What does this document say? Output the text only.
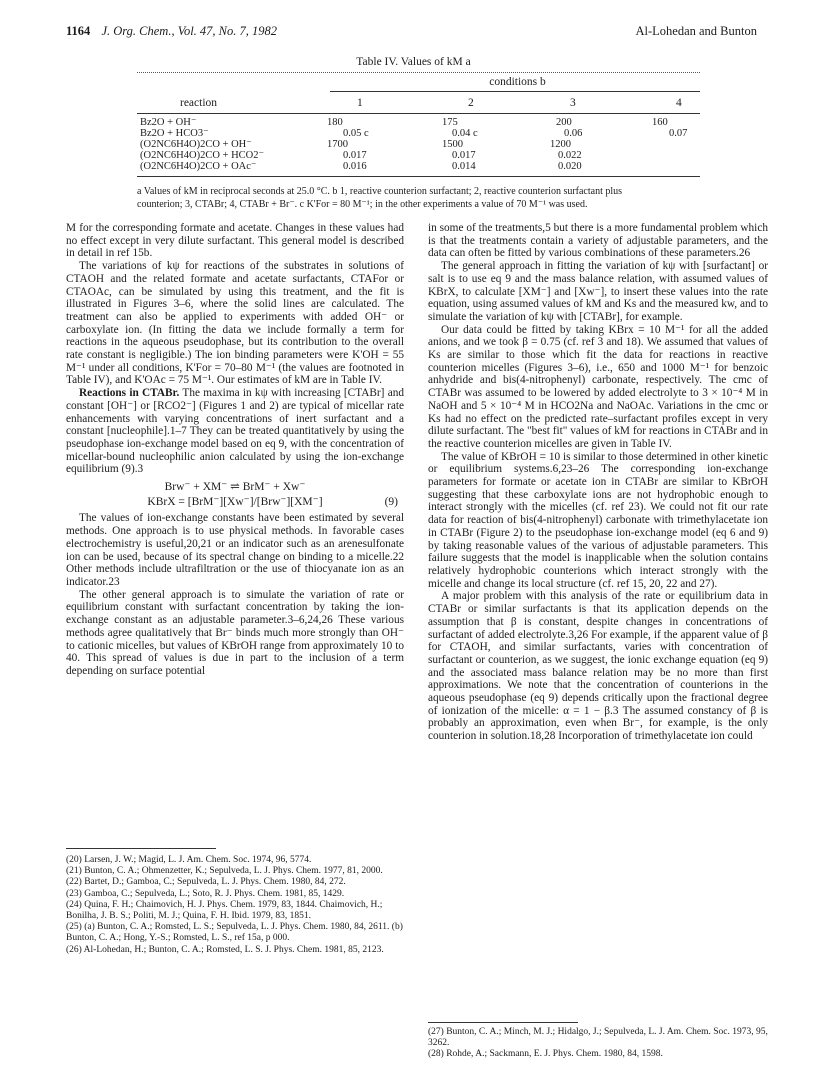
1164 J. Org. Chem., Vol. 47, No. 7, 1982	Al-Lohedan and Bunton
Table IV. Values of kM a
conditions b
reaction	1	2	3	4
Bz2O + OH⁻	180	175	200	160
Bz2O + HCO3⁻	0.05 c	0.04 c	0.06	0.07
(O2NC6H4O)2CO + OH⁻	1700	1500	1200
(O2NC6H4O)2CO + HCO2⁻	0.017	0.017	0.022
(O2NC6H4O)2CO + OAc⁻	0.016	0.014	0.020
a Values of kM in reciprocal seconds at 25.0 °C. b 1, reactive counterion surfactant; 2, reactive counterion surfactant plus
counterion; 3, CTABr; 4, CTABr + Br⁻. c K'For = 80 M⁻¹; in the other experiments a value of 70 M⁻¹ was used.

M for the corresponding formate and acetate. Changes in these values had no effect except in very dilute surfactant. This general model is described in detail in ref 15b.

The variations of kψ for reactions of the substrates in solutions of CTAOH and the related formate and acetate surfactants, CTAFor or CTAOAc, can be simulated by using this treatment, and the fit is illustrated in Figures 3–6, where the solid lines are calculated. The treatment can also be applied to experiments with added OH⁻ or carboxylate ion. (In fitting the data we include formally a term for reactions in the aqueous pseudophase, but its contribution to the overall rate constant is negligible.) The ion binding parameters were K'OH = 55 M⁻¹ under all conditions, K'For = 70–80 M⁻¹ (the values are footnoted in Table IV), and K'OAc = 75 M⁻¹. Our estimates of kM are in Table IV.

Reactions in CTABr. The maxima in kψ with increasing [CTABr] and constant [OH⁻] or [RCO2⁻] (Figures 1 and 2) are typical of micellar rate enhancements with varying concentrations of inert surfactant and a constant [nucleophile].1–7 They can be treated quantitatively by using the pseudophase ion-exchange model based on eq 9, with the concentration of micellar-bound nucleophilic anion calculated by using the ion-exchange equilibrium (9).3

Brw⁻ + XM⁻ ⇌ BrM⁻ + Xw⁻
KBrX = [BrM⁻][Xw⁻]/[Brw⁻][XM⁻]	(9)

The values of ion-exchange constants have been estimated by several methods. One approach is to use physical methods. In favorable cases electrochemistry is useful,20,21 or an indicator such as an arenesulfonate ion can be used, because of its spectral change on binding to a micelle.22 Other methods include ultrafiltration or the use of thiocyanate ion as an indicator.23

The other general approach is to simulate the variation of rate or equilibrium constant with surfactant concentration by taking the ion-exchange constant as an adjustable parameter.3–6,24,26 These various methods agree qualitatively that Br⁻ binds much more strongly than OH⁻ to cationic micelles, but values of KBrOH range from approximately 10 to 40. This spread of values is due in part to the inclusion of a term depending on surface potential

(20) Larsen, J. W.; Magid, L. J. Am. Chem. Soc. 1974, 96, 5774.
(21) Bunton, C. A.; Ohmenzetter, K.; Sepulveda, L. J. Phys. Chem. 1977, 81, 2000.
(22) Bartet, D.; Gamboa, C.; Sepulveda, L. J. Phys. Chem. 1980, 84, 272.
(23) Gamboa, C.; Sepulveda, L.; Soto, R. J. Phys. Chem. 1981, 85, 1429.
(24) Quina, F. H.; Chaimovich, H. J. Phys. Chem. 1979, 83, 1844. Chaimovich, H.; Bonilha, J. B. S.; Politi, M. J.; Quina, F. H. Ibid. 1979, 83, 1851.
(25) (a) Bunton, C. A.; Romsted, L. S.; Sepulveda, L. J. Phys. Chem. 1980, 84, 2611. (b) Bunton, C. A.; Hong, Y.-S.; Romsted, L. S., ref 15a, p 000.
(26) Al-Lohedan, H.; Bunton, C. A.; Romsted, L. S. J. Phys. Chem. 1981, 85, 2123.

in some of the treatments,5 but there is a more fundamental problem which is that the treatments contain a variety of adjustable parameters, and the data can often be fitted by various combinations of these parameters.26

The general approach in fitting the variation of kψ with [surfactant] or salt is to use eq 9 and the mass balance relation, with assumed values of KBrX, to calculate [XM⁻] and [Xw⁻], to insert these values into the rate equation, using assumed values of kM and Ks and the measured kw, and to simulate the variation of kψ with [CTABr], for example.

Our data could be fitted by taking KBrx = 10 M⁻¹ for all the added anions, and we took β = 0.75 (cf. ref 3 and 18). We assumed that values of Ks are similar to those which fit the data for reactions in reactive counterion micelles (Figures 3–6), i.e., 650 and 1000 M⁻¹ for benzoic anhydride and bis(4-nitrophenyl) carbonate, respectively. The cmc of CTABr was assumed to be lowered by added electrolyte to 3 × 10⁻⁴ M in NaOH and 5 × 10⁻⁴ M in HCO2Na and NaOAc. Variations in the cmc or Ks had no effect on the predicted rate–surfactant profiles except in very dilute surfactant. The "best fit" values of kM for reactions in CTABr and in the reactive counterion micelles are given in Table IV.

The value of KBrOH = 10 is similar to those determined in other kinetic or equilibrium systems.6,23–26 The corresponding ion-exchange parameters for formate or acetate ion in CTABr are similar to KBrOH suggesting that these carboxylate ions are not hydrophobic enough to interact strongly with the micelles (cf. ref 23). We could not fit our rate data for reaction of bis(4-nitrophenyl) carbonate with trimethylacetate ion in CTABr (Figure 2) to the pseudophase ion-exchange model (eq 6 and 9) by taking reasonable values of the various of adjustable parameters. This failure suggests that the model is inapplicable when the solution contains relatively hydrophobic counterions which interact strongly with the micelle and change its local structure (cf. ref 15, 20, 22 and 27).

A major problem with this analysis of the rate or equilibrium data in CTABr or similar surfactants is that its application depends on the assumption that β is constant, despite changes in concentrations of surfactant of added electrolyte.3,26 For example, if the apparent value of β for CTAOH, and similar surfactants, varies with concentration of surfactant or counterion, as we suggest, the ionic exchange equation (eq 9) and the associated mass balance relation may be no more than first approximations. We note that the concentration of counterions in the aqueous pseudophase (eq 9) depends critically upon the fractional degree of ionization of the micelle: α = 1 − β.3 The assumed constancy of β is probably an approximation, even when Br⁻, for example, is the only counterion in solution.18,28 Incorporation of trimethylacetate ion could

(27) Bunton, C. A.; Minch, M. J.; Hidalgo, J.; Sepulveda, L. J. Am. Chem. Soc. 1973, 95, 3262.
(28) Rohde, A.; Sackmann, E. J. Phys. Chem. 1980, 84, 1598.
